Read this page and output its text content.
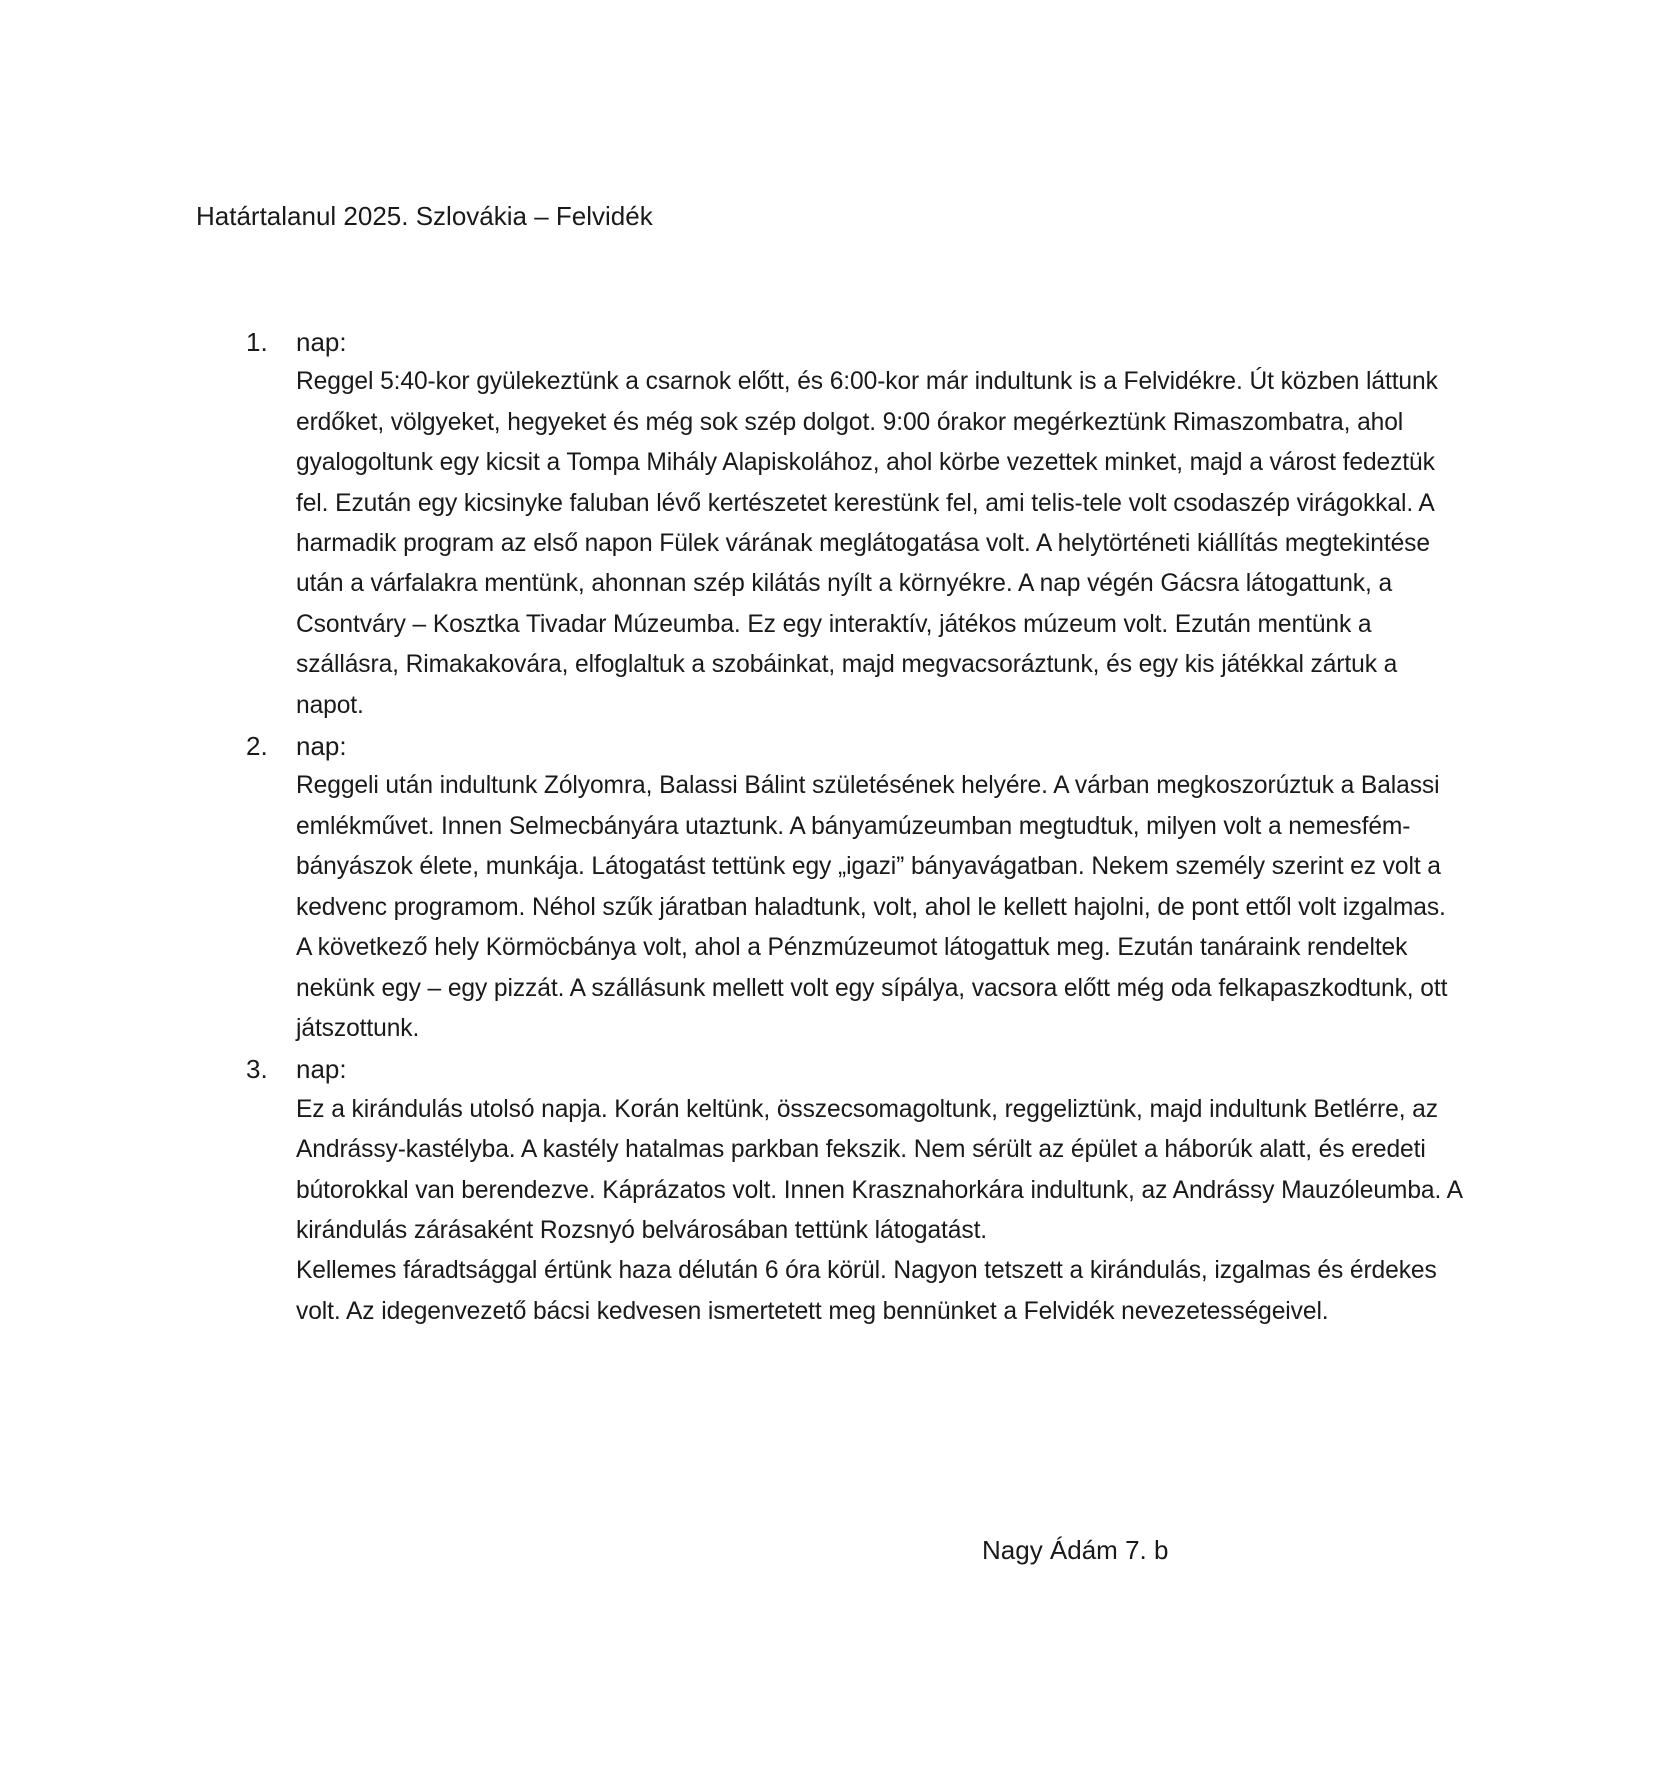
Határtalanul 2025. Szlovákia – Felvidék
1. nap:

Reggel 5:40-kor gyülekeztünk a csarnok előtt, és 6:00-kor már indultunk is a Felvidékre. Út közben láttunk erdőket, völgyeket, hegyeket és még sok szép dolgot. 9:00 órakor megérkeztünk Rimaszombatra, ahol gyalogoltunk egy kicsit a Tompa Mihály Alapiskolához, ahol körbe vezettek minket, majd a várost fedeztük fel. Ezután egy kicsinyke faluban lévő kertészetet kerestünk fel, ami telis-tele volt csodaszép virágokkal. A harmadik program az első napon Fülek várának meglátogatása volt. A helytörténeti kiállítás megtekintése után a várfalakra mentünk, ahonnan szép kilátás nyílt a környékre. A nap végén Gácsra látogattunk, a Csontváry – Kosztka Tivadar Múzeumba. Ez egy interaktív, játékos múzeum volt. Ezután mentünk a szállásra, Rimakakovára, elfoglaltuk a szobáinkat, majd megvacsoráztunk, és egy kis játékkal zártuk a napot.

2. nap:

Reggeli után indultunk Zólyomra, Balassi Bálint születésének helyére. A várban megkoszorúztuk a Balassi emlékművet. Innen Selmecbányára utaztunk. A bányamúzeumban megtudtuk, milyen volt a nemesfém-bányászok élete, munkája. Látogatást tettünk egy „igazi” bányavágatban. Nekem személy szerint ez volt a kedvenc programom. Néhol szűk járatban haladtunk, volt, ahol le kellett hajolni, de pont ettől volt izgalmas. A következő hely Körmöcbánya volt, ahol a Pénzmúzeumot látogattuk meg. Ezután tanáraink rendeltek nekünk egy – egy pizzát. A szállásunk mellett volt egy sípálya, vacsora előtt még oda felkapaszkodtunk, ott játszottunk.

3. nap:

Ez a kirándulás utolsó napja. Korán keltünk, összecsomagoltunk, reggeliztünk, majd indultunk Betlérre, az Andrássy-kastélyba. A kastély hatalmas parkban fekszik. Nem sérült az épület a háborúk alatt, és eredeti bútorokkal van berendezve. Káprázatos volt. Innen Krasznahorkára indultunk, az Andrássy Mauzóleumba. A kirándulás zárásaként Rozsnyó belvárosában tettünk látogatást.

Kellemes fáradtsággal értünk haza délután 6 óra körül. Nagyon tetszett a kirándulás, izgalmas és érdekes volt. Az idegenvezető bácsi kedvesen ismertetett meg bennünket a Felvidék nevezetességeivel.

Nagy Ádám 7. b
